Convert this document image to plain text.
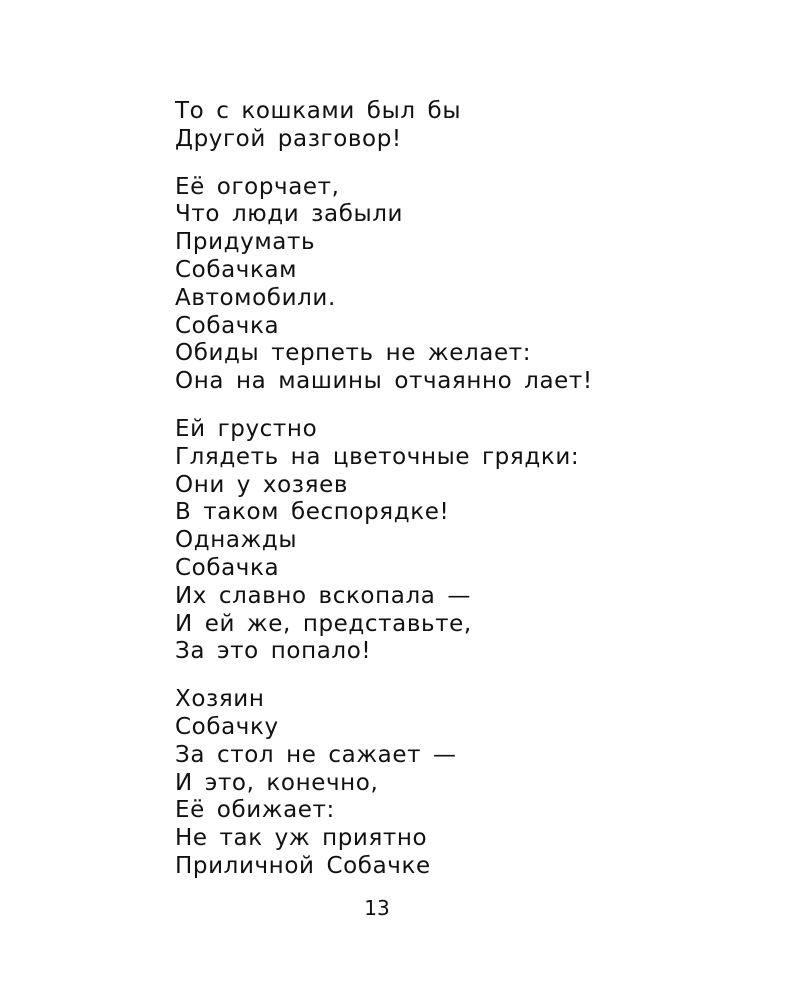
То с кошками был бы
Другой разговор!
Её огорчает,
Что люди забыли
Придумать
Собачкам
Автомобили.
Собачка
Обиды терпеть не желает:
Она на машины отчаянно лает!
Ей грустно
Глядеть на цветочные грядки:
Они у хозяев
В таком беспорядке!
Однажды
Собачка
Их славно вскопала —
И ей же, представьте,
За это попало!
Хозяин
Собачку
За стол не сажает —
И это, конечно,
Её обижает:
Не так уж приятно
Приличной Собачке
13
